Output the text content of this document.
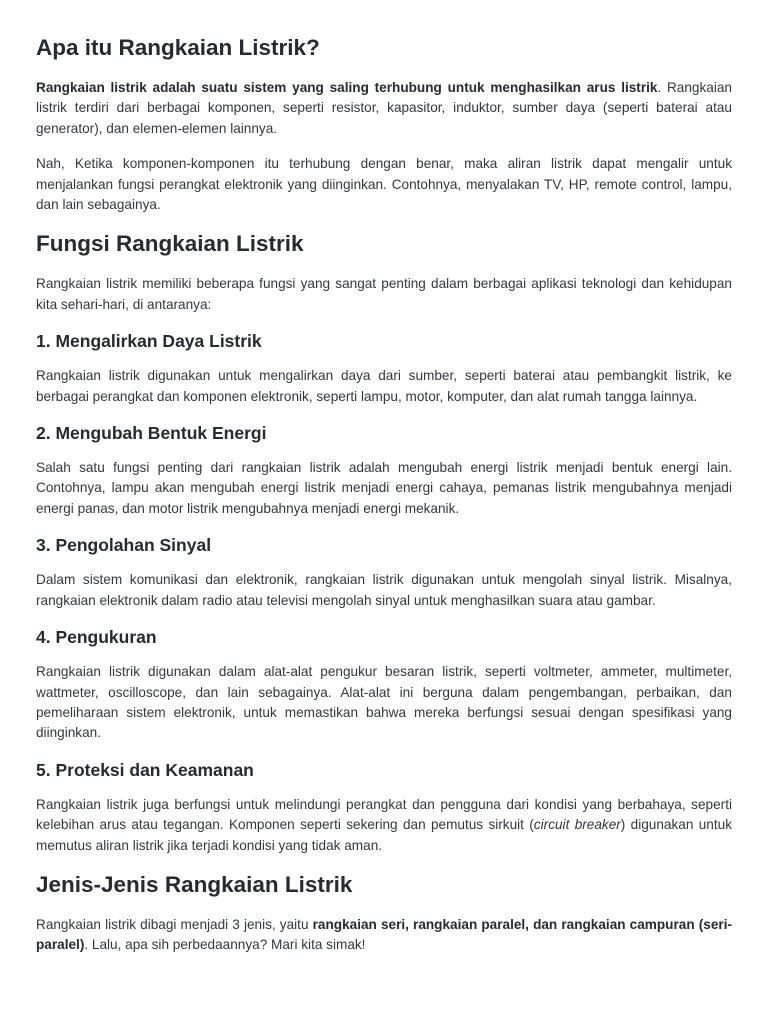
Apa itu Rangkaian Listrik?

Rangkaian listrik adalah suatu sistem yang saling terhubung untuk menghasilkan arus listrik. Rangkaian listrik terdiri dari berbagai komponen, seperti resistor, kapasitor, induktor, sumber daya (seperti baterai atau generator), dan elemen-elemen lainnya.

Nah, Ketika komponen-komponen itu terhubung dengan benar, maka aliran listrik dapat mengalir untuk menjalankan fungsi perangkat elektronik yang diinginkan. Contohnya, menyalakan TV, HP, remote control, lampu, dan lain sebagainya.

Fungsi Rangkaian Listrik

Rangkaian listrik memiliki beberapa fungsi yang sangat penting dalam berbagai aplikasi teknologi dan kehidupan kita sehari-hari, di antaranya:

1. Mengalirkan Daya Listrik

Rangkaian listrik digunakan untuk mengalirkan daya dari sumber, seperti baterai atau pembangkit listrik, ke berbagai perangkat dan komponen elektronik, seperti lampu, motor, komputer, dan alat rumah tangga lainnya.

2. Mengubah Bentuk Energi

Salah satu fungsi penting dari rangkaian listrik adalah mengubah energi listrik menjadi bentuk energi lain. Contohnya, lampu akan mengubah energi listrik menjadi energi cahaya, pemanas listrik mengubahnya menjadi energi panas, dan motor listrik mengubahnya menjadi energi mekanik.

3. Pengolahan Sinyal

Dalam sistem komunikasi dan elektronik, rangkaian listrik digunakan untuk mengolah sinyal listrik. Misalnya, rangkaian elektronik dalam radio atau televisi mengolah sinyal untuk menghasilkan suara atau gambar.

4. Pengukuran

Rangkaian listrik digunakan dalam alat-alat pengukur besaran listrik, seperti voltmeter, ammeter, multimeter, wattmeter, oscilloscope, dan lain sebagainya. Alat-alat ini berguna dalam pengembangan, perbaikan, dan pemeliharaan sistem elektronik, untuk memastikan bahwa mereka berfungsi sesuai dengan spesifikasi yang diinginkan.

5. Proteksi dan Keamanan

Rangkaian listrik juga berfungsi untuk melindungi perangkat dan pengguna dari kondisi yang berbahaya, seperti kelebihan arus atau tegangan. Komponen seperti sekering dan pemutus sirkuit (circuit breaker) digunakan untuk memutus aliran listrik jika terjadi kondisi yang tidak aman.

Jenis-Jenis Rangkaian Listrik

Rangkaian listrik dibagi menjadi 3 jenis, yaitu rangkaian seri, rangkaian paralel, dan rangkaian campuran (seri-paralel). Lalu, apa sih perbedaannya? Mari kita simak!
